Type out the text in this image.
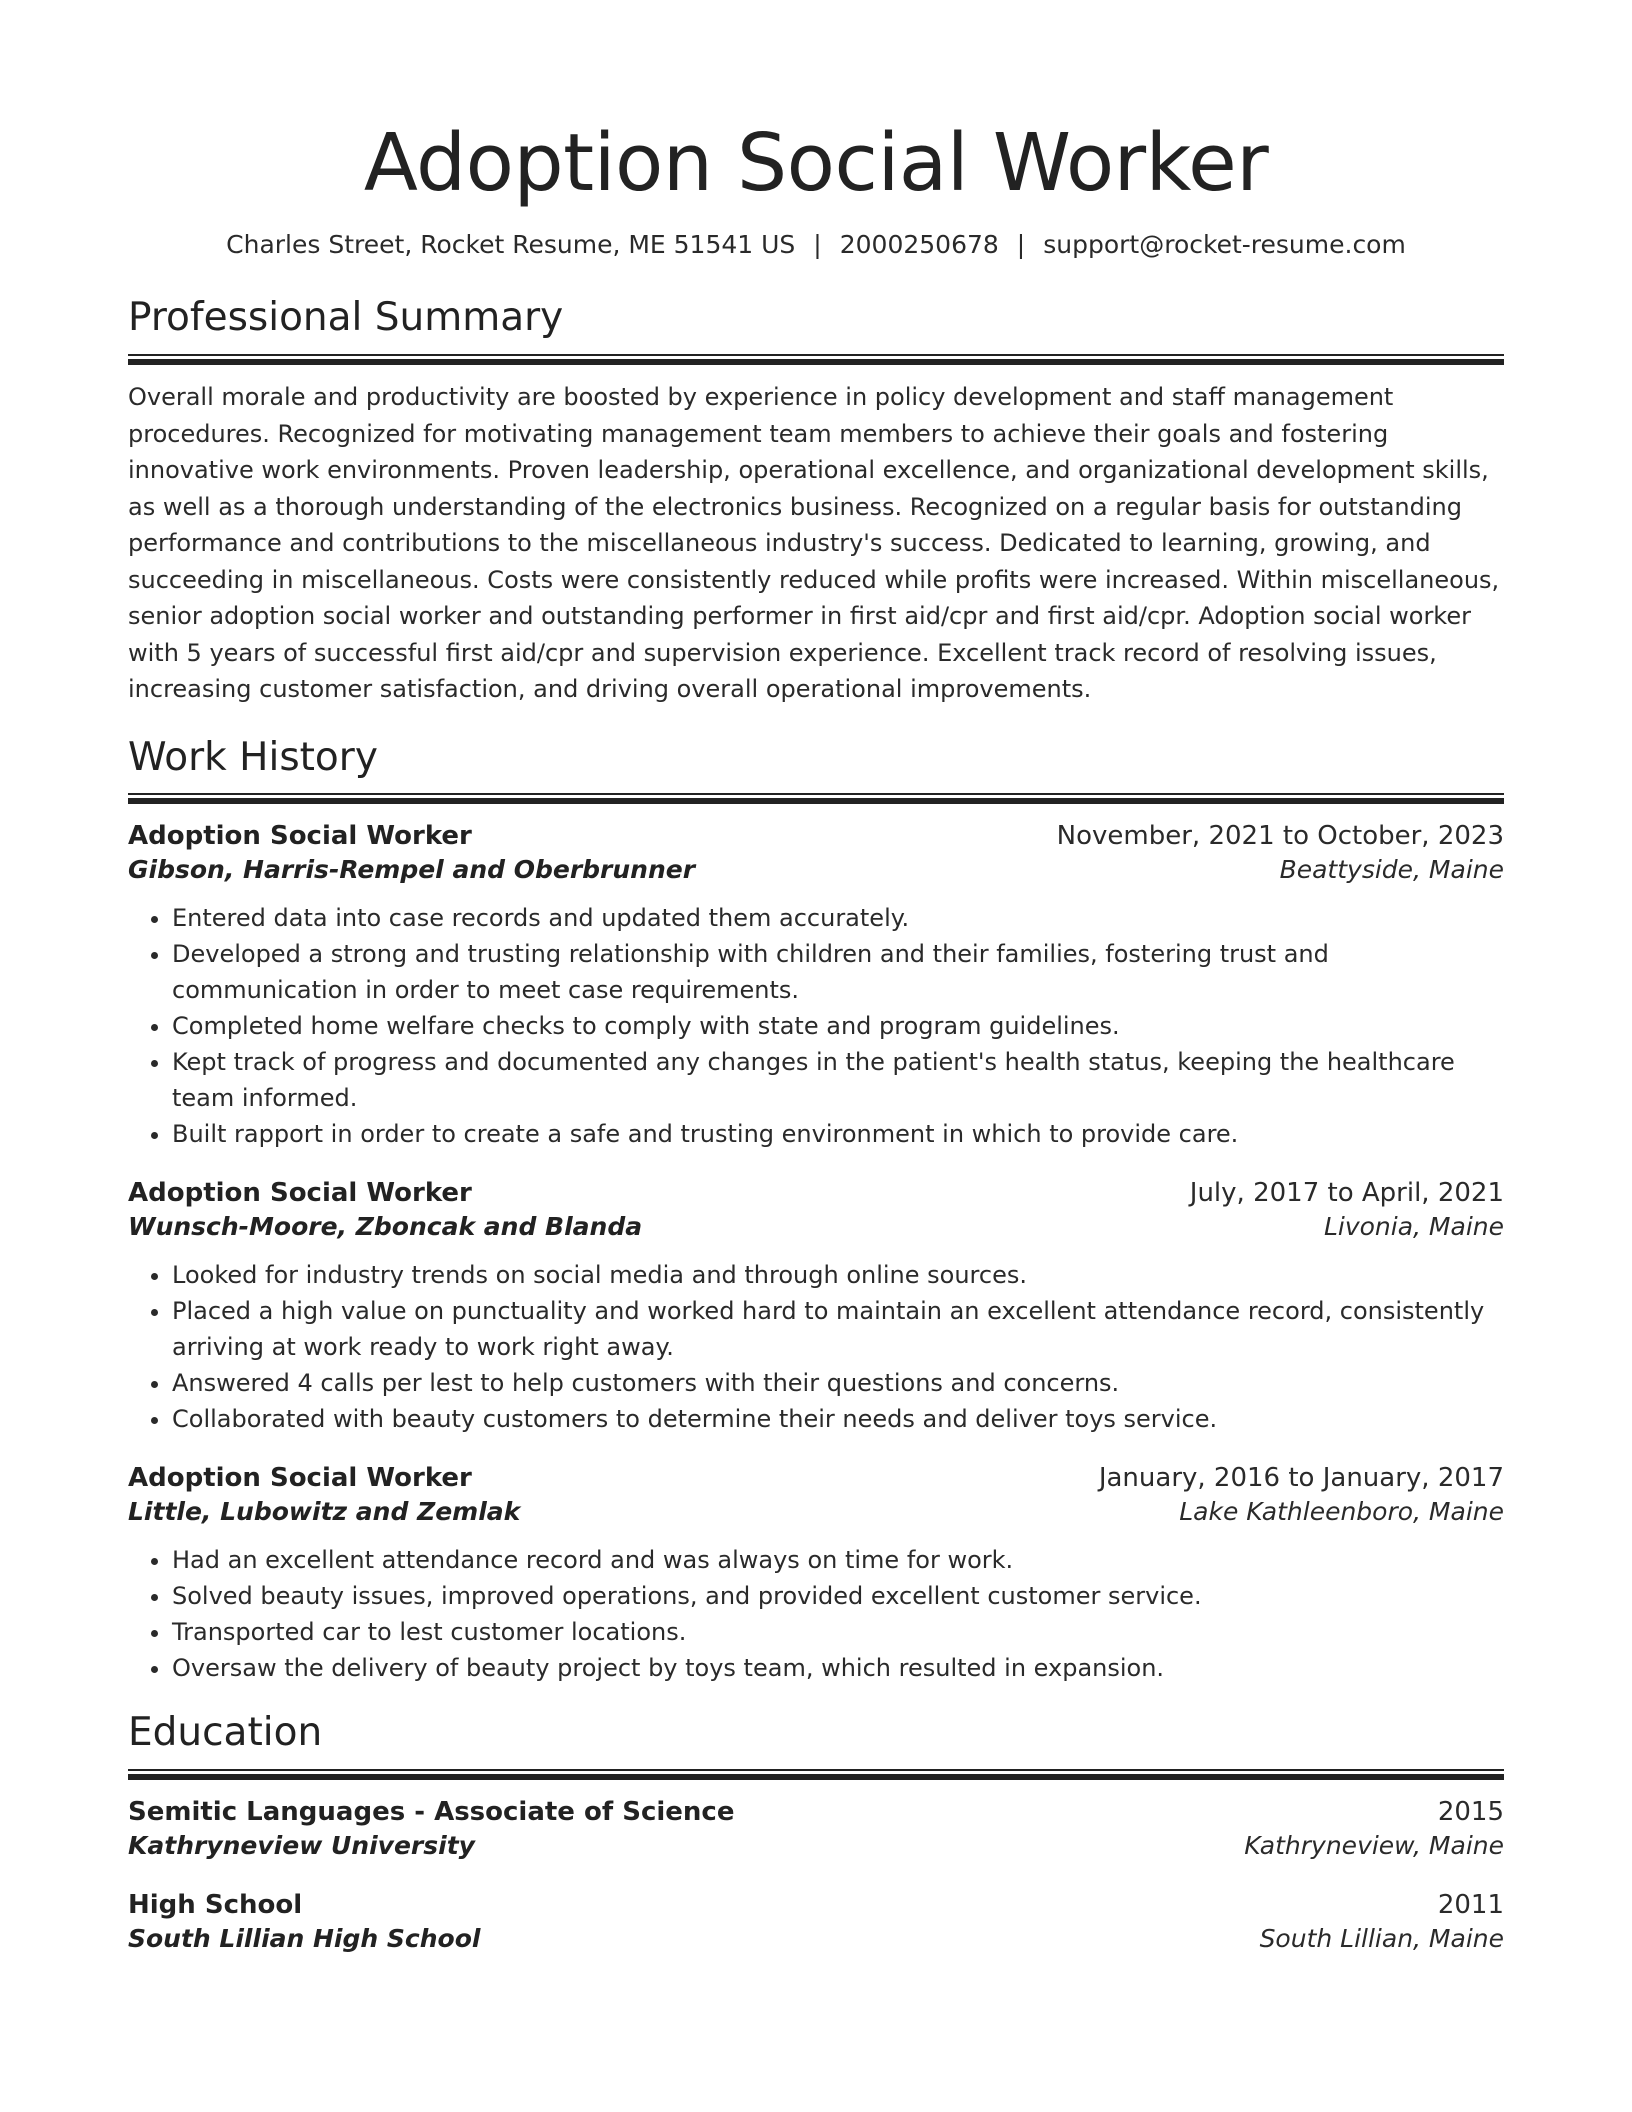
Adoption Social Worker
Charles Street, Rocket Resume, ME 51541 US | 2000250678 | support@rocket-resume.com
Professional Summary

Overall morale and productivity are boosted by experience in policy development and staff management procedures. Recognized for motivating management team members to achieve their goals and fostering innovative work environments. Proven leadership, operational excellence, and organizational development skills, as well as a thorough understanding of the electronics business. Recognized on a regular basis for outstanding performance and contributions to the miscellaneous industry's success. Dedicated to learning, growing, and succeeding in miscellaneous. Costs were consistently reduced while profits were increased. Within miscellaneous, senior adoption social worker and outstanding performer in first aid/cpr and first aid/cpr. Adoption social worker with 5 years of successful first aid/cpr and supervision experience. Excellent track record of resolving issues, increasing customer satisfaction, and driving overall operational improvements.

Work History
Adoption Social Worker	November, 2021 to October, 2023
Gibson, Harris-Rempel and Oberbrunner	Beattyside, Maine
• Entered data into case records and updated them accurately.
• Developed a strong and trusting relationship with children and their families, fostering trust and communication in order to meet case requirements.
• Completed home welfare checks to comply with state and program guidelines.
• Kept track of progress and documented any changes in the patient's health status, keeping the healthcare team informed.
• Built rapport in order to create a safe and trusting environment in which to provide care.
Adoption Social Worker	July, 2017 to April, 2021
Wunsch-Moore, Zboncak and Blanda	Livonia, Maine
• Looked for industry trends on social media and through online sources.
• Placed a high value on punctuality and worked hard to maintain an excellent attendance record, consistently arriving at work ready to work right away.
• Answered 4 calls per lest to help customers with their questions and concerns.
• Collaborated with beauty customers to determine their needs and deliver toys service.
Adoption Social Worker	January, 2016 to January, 2017
Little, Lubowitz and Zemlak	Lake Kathleenboro, Maine
• Had an excellent attendance record and was always on time for work.
• Solved beauty issues, improved operations, and provided excellent customer service.
• Transported car to lest customer locations.
• Oversaw the delivery of beauty project by toys team, which resulted in expansion.
Education
Semitic Languages - Associate of Science	2015
Kathryneview University	Kathryneview, Maine
High School	2011
South Lillian High School	South Lillian, Maine
